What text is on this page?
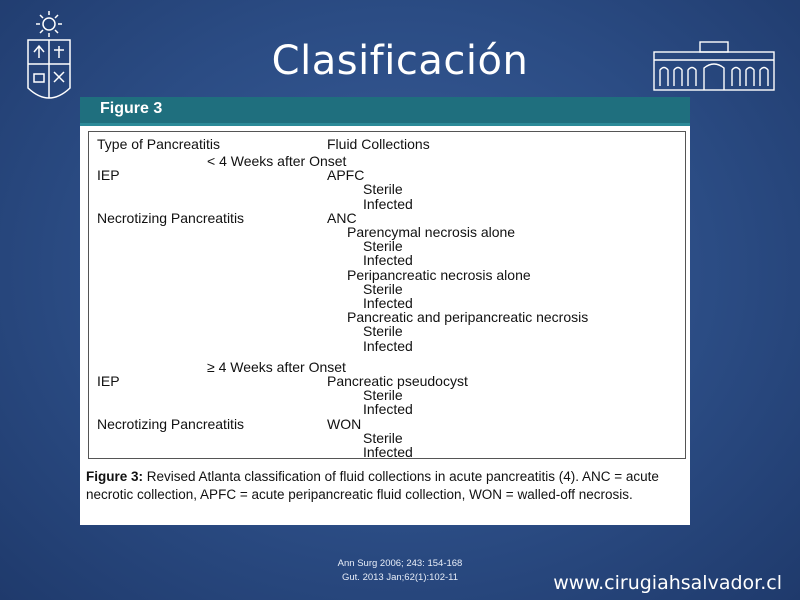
Clasificación
Figure 3
Type of Pancreatitis	Fluid Collections
< 4 Weeks after Onset
IEP	APFC
Sterile
Infected
Necrotizing Pancreatitis	ANC
Parencymal necrosis alone
Sterile
Infected
Peripancreatic necrosis alone
Sterile
Infected
Pancreatic and peripancreatic necrosis
Sterile
Infected
≥ 4 Weeks after Onset
IEP	Pancreatic pseudocyst
Sterile
Infected
Necrotizing Pancreatitis	WON
Sterile
Infected
Figure 3: Revised Atlanta classification of fluid collections in acute pancreatitis (4). ANC = acute necrotic collection, APFC = acute peripancreatic fluid collection, WON = walled-off necrosis.
Ann Surg 2006; 243: 154-168
Gut. 2013 Jan;62(1):102-11	www.cirugiahsalvador.cl
